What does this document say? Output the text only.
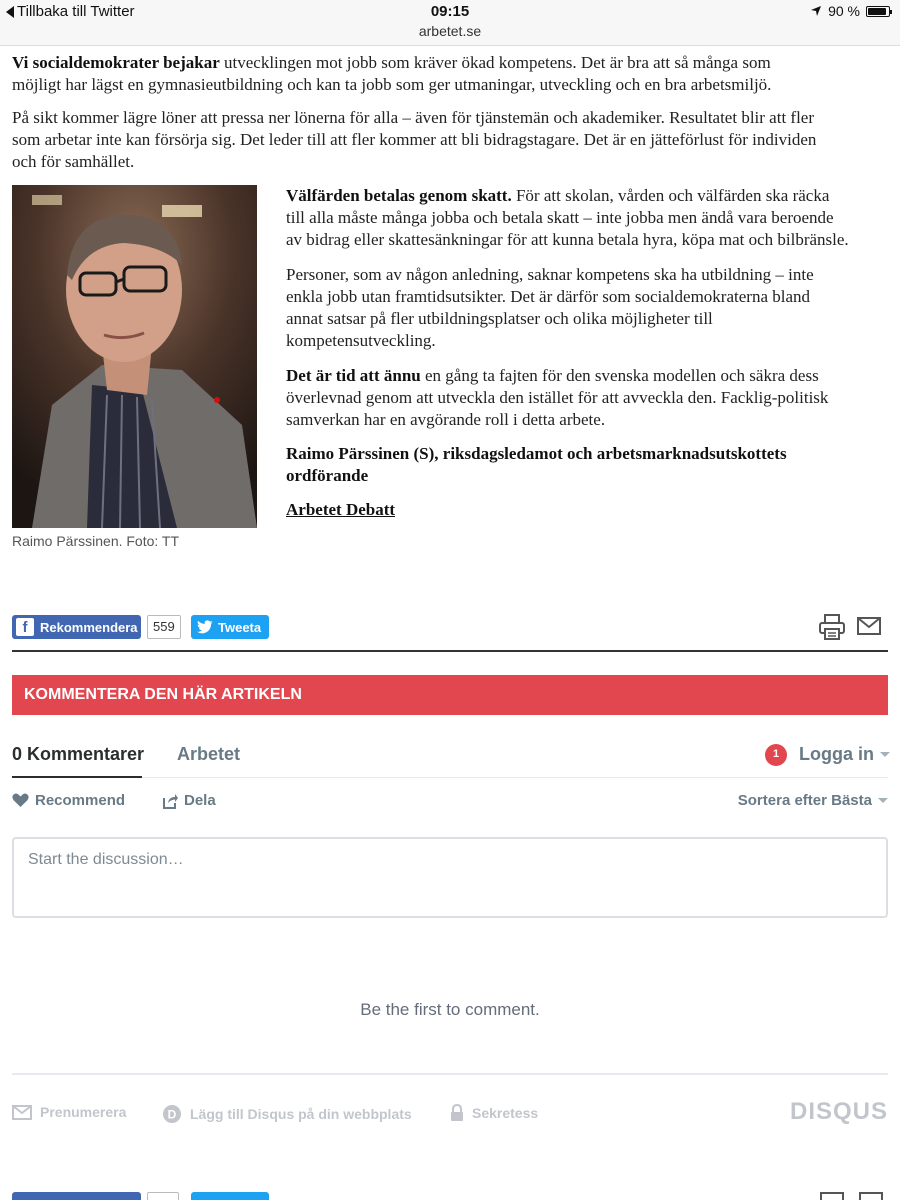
Tillbaka till Twitter	09:15
arbetet.se
90 %
Vi socialdemokrater bejakar utvecklingen mot jobb som kräver ökad kompetens. Det är bra att så många som
möjligt har lägst en gymnasieutbildning och kan ta jobb som ger utmaningar, utveckling och en bra arbetsmiljö.
På sikt kommer lägre löner att pressa ner lönerna för alla – även för tjänstemän och akademiker. Resultatet blir att fler
som arbetar inte kan försörja sig. Det leder till att fler kommer att bli bidragstagare. Det är en jätteförlust för individen
och för samhället.
Raimo Pärssinen. Foto: TT
Välfärden betalas genom skatt. För att skolan, vården och välfärden ska räcka
till alla måste många jobba och betala skatt – inte jobba men ändå vara beroende
av bidrag eller skattesänkningar för att kunna betala hyra, köpa mat och bilbränsle.
Personer, som av någon anledning, saknar kompetens ska ha utbildning – inte
enkla jobb utan framtidsutsikter. Det är därför som socialdemokraterna bland
annat satsar på fler utbildningsplatser och olika möjligheter till
kompetensutveckling.
Det är tid att ännu en gång ta fajten för den svenska modellen och säkra dess
överlevnad genom att utveckla den istället för att avveckla den. Facklig-politisk
samverkan har en avgörande roll i detta arbete.
Raimo Pärssinen (S), riksdagsledamot och arbetsmarknadsutskottets
ordförande
Arbetet Debatt
f Rekommendera	559	Tweeta
KOMMENTERA DEN HÄR ARTIKELN
0 Kommentarer Arbetet	1	Logga in
Recommend	Dela	Sortera efter Bästa
Start the discussion…
Be the first to comment.
Prenumerera	D Lägg till Disqus på din webbplats	Sekretess	DISQUS
